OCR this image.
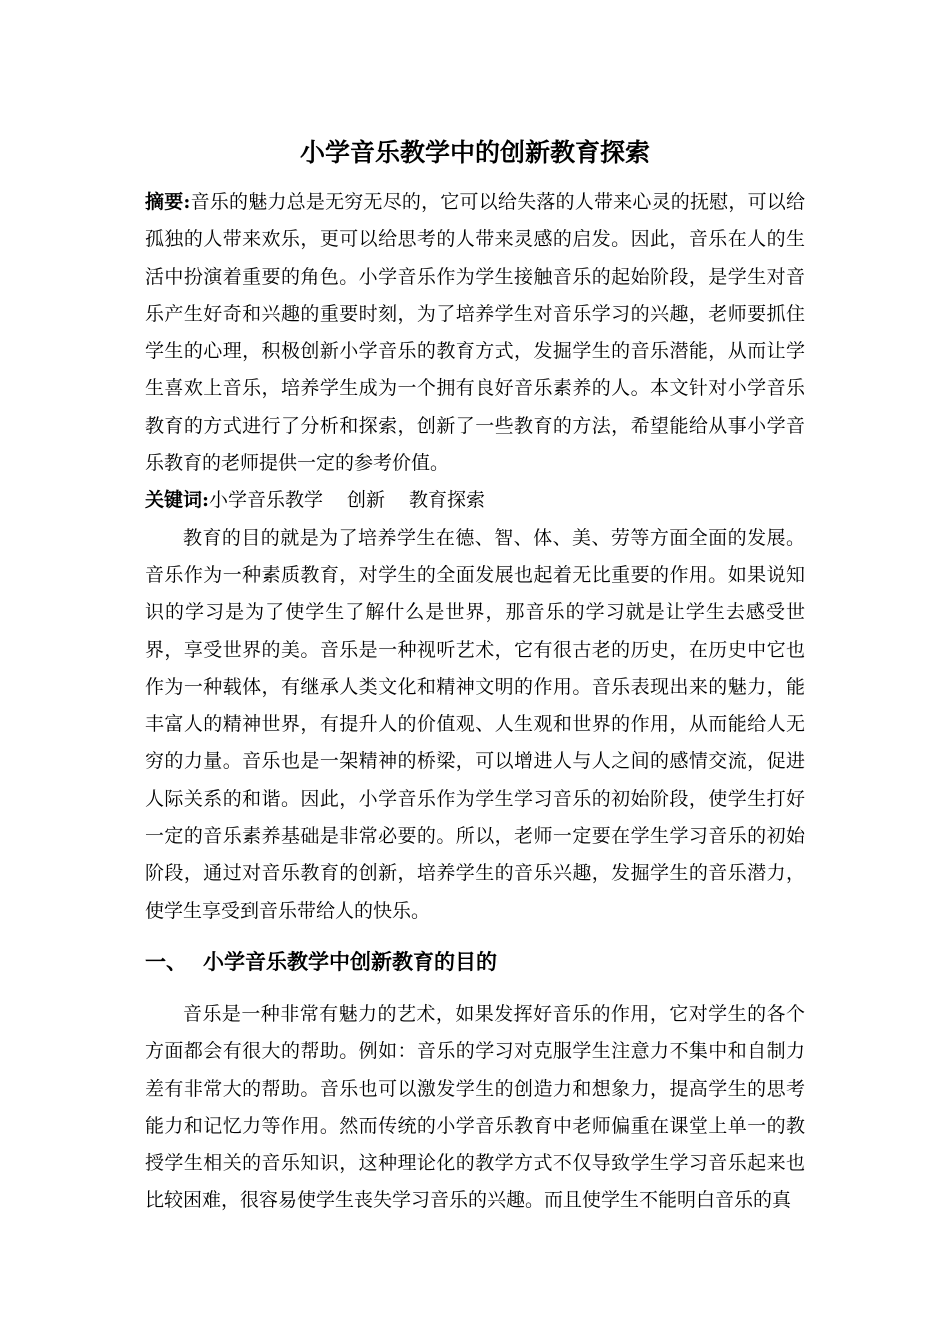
小学音乐教学中的创新教育探索

摘要:音乐的魅力总是无穷无尽的，它可以给失落的人带来心灵的抚慰，可以给孤独的人带来欢乐，更可以给思考的人带来灵感的启发。因此，音乐在人的生活中扮演着重要的角色。小学音乐作为学生接触音乐的起始阶段，是学生对音乐产生好奇和兴趣的重要时刻，为了培养学生对音乐学习的兴趣，老师要抓住学生的心理，积极创新小学音乐的教育方式，发掘学生的音乐潜能，从而让学生喜欢上音乐，培养学生成为一个拥有良好音乐素养的人。本文针对小学音乐教育的方式进行了分析和探索，创新了一些教育的方法，希望能给从事小学音乐教育的老师提供一定的参考价值。

关键词:小学音乐教学 创新 教育探索

教育的目的就是为了培养学生在德、智、体、美、劳等方面全面的发展。音乐作为一种素质教育，对学生的全面发展也起着无比重要的作用。如果说知识的学习是为了使学生了解什么是世界，那音乐的学习就是让学生去感受世界，享受世界的美。音乐是一种视听艺术，它有很古老的历史，在历史中它也作为一种载体，有继承人类文化和精神文明的作用。音乐表现出来的魅力，能丰富人的精神世界，有提升人的价值观、人生观和世界的作用，从而能给人无穷的力量。音乐也是一架精神的桥梁，可以增进人与人之间的感情交流，促进人际关系的和谐。因此，小学音乐作为学生学习音乐的初始阶段，使学生打好一定的音乐素养基础是非常必要的。所以，老师一定要在学生学习音乐的初始阶段，通过对音乐教育的创新，培养学生的音乐兴趣，发掘学生的音乐潜力，使学生享受到音乐带给人的快乐。

一、 小学音乐教学中创新教育的目的

音乐是一种非常有魅力的艺术，如果发挥好音乐的作用，它对学生的各个方面都会有很大的帮助。例如：音乐的学习对克服学生注意力不集中和自制力差有非常大的帮助。音乐也可以激发学生的创造力和想象力，提高学生的思考能力和记忆力等作用。然而传统的小学音乐教育中老师偏重在课堂上单一的教授学生相关的音乐知识，这种理论化的教学方式不仅导致学生学习音乐起来也比较困难，很容易使学生丧失学习音乐的兴趣。而且使学生不能明白音乐的真
